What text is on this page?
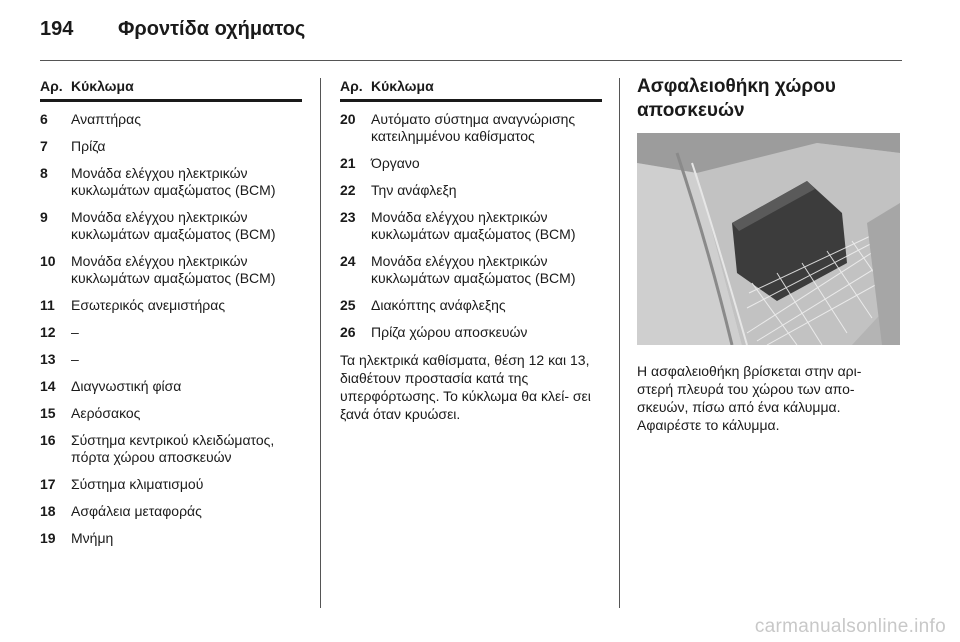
194 Φροντίδα οχήματος
Αρ. Κύκλωμα
6	Αναπτήρας
7	Πρίζα
8	Μονάδα ελέγχου ηλεκτρικών κυκλωμάτων αμαξώματος (BCM)
9	Μονάδα ελέγχου ηλεκτρικών κυκλωμάτων αμαξώματος (BCM)
10	Μονάδα ελέγχου ηλεκτρικών κυκλωμάτων αμαξώματος (BCM)
11	Εσωτερικός ανεμιστήρας
12	–
13	–
14	Διαγνωστική φίσα
15	Αερόσακος
16	Σύστημα κεντρικού κλειδώματος, πόρτα χώρου αποσκευών
17	Σύστημα κλιματισμού
18	Ασφάλεια μεταφοράς
19	Μνήμη
Αρ. Κύκλωμα
20	Αυτόματο σύστημα αναγνώρισης κατειλημμένου καθίσματος
21	Όργανο
22	Την ανάφλεξη
23	Μονάδα ελέγχου ηλεκτρικών κυκλωμάτων αμαξώματος (BCM)
24	Μονάδα ελέγχου ηλεκτρικών κυκλωμάτων αμαξώματος (BCM)
25	Διακόπτης ανάφλεξης
26	Πρίζα χώρου αποσκευών
Τα ηλεκτρικά καθίσματα, θέση 12 και 13, διαθέτουν προστασία κατά της υπερφόρτωσης. Το κύκλωμα θα κλεί- σει ξανά όταν κρυώσει.
Ασφαλειοθήκη χώρου αποσκευών
Η ασφαλειοθήκη βρίσκεται στην αρι- στερή πλευρά του χώρου των απο- σκευών, πίσω από ένα κάλυμμα. Αφαιρέστε το κάλυμμα.
carmanualsonline.info
